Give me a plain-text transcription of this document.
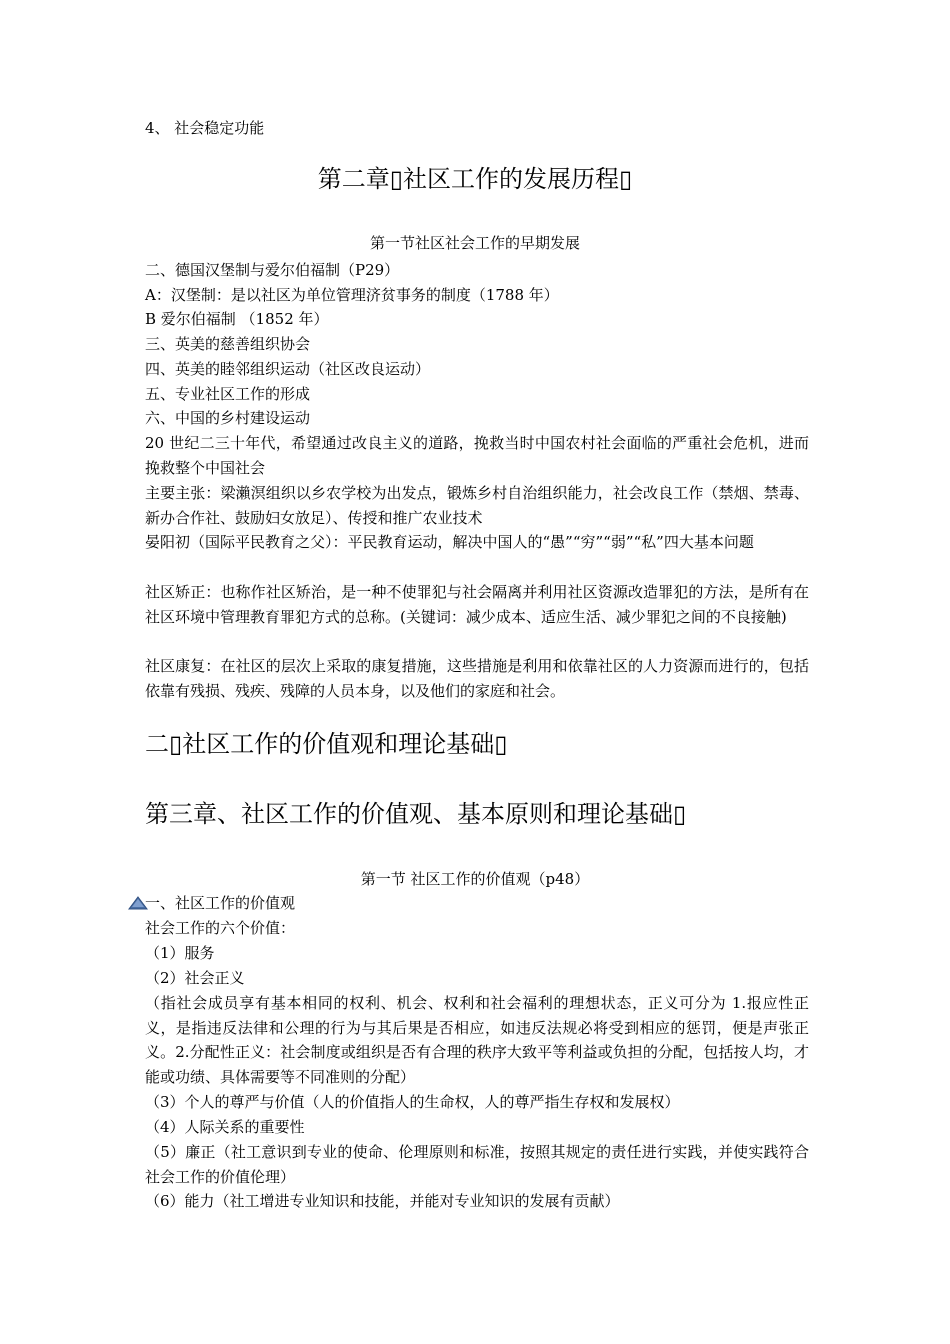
4、 社会稳定功能
第二章▯社区工作的发展历程▯
第一节社区社会工作的早期发展
二、德国汉堡制与爱尔伯福制（P29）
A：汉堡制：是以社区为单位管理济贫事务的制度（1788 年）
B 爱尔伯福制 （1852 年）
三、英美的慈善组织协会
四、英美的睦邻组织运动（社区改良运动）
五、专业社区工作的形成
六、中国的乡村建设运动
20 世纪二三十年代，希望通过改良主义的道路，挽救当时中国农村社会面临的严重社会危机，进而挽救整个中国社会
主要主张：梁瀨溟组织以乡农学校为出发点，锻炼乡村自治组织能力，社会改良工作（禁烟、禁毒、新办合作社、鼓励妇女放足）、传授和推广农业技术
晏阳初（国际平民教育之父）：平民教育运动，解决中国人的“愚”“穷”“弱”“私”四大基本问题
社区矫正：也称作社区矫治，是一种不使罪犯与社会隔离并利用社区资源改造罪犯的方法，是所有在社区环境中管理教育罪犯方式的总称。(关键词：减少成本、适应生活、减少罪犯之间的不良接触)
社区康复：在社区的层次上采取的康复措施，这些措施是利用和依靠社区的人力资源而进行的，包括依靠有残损、残疾、残障的人员本身，以及他们的家庭和社会。
二▯社区工作的价值观和理论基础▯
第三章、社区工作的价值观、基本原则和理论基础▯
第一节 社区工作的价值观（p48）
一、社区工作的价值观
社会工作的六个价值：
（1）服务
（2）社会正义
（指社会成员享有基本相同的权利、机会、权利和社会福利的理想状态，正义可分为 1.报应性正义，是指违反法律和公理的行为与其后果是否相应，如违反法规必将受到相应的惩罚，便是声张正义。2.分配性正义：社会制度或组织是否有合理的秩序大致平等利益或负担的分配，包括按人均，才能或功绩、具体需要等不同准则的分配）
（3）个人的尊严与价值（人的价值指人的生命权，人的尊严指生存权和发展权）
（4）人际关系的重要性
（5）廉正（社工意识到专业的使命、伦理原则和标准，按照其规定的责任进行实践，并使实践符合社会工作的价值伦理）
（6）能力（社工增进专业知识和技能，并能对专业知识的发展有贡献）
